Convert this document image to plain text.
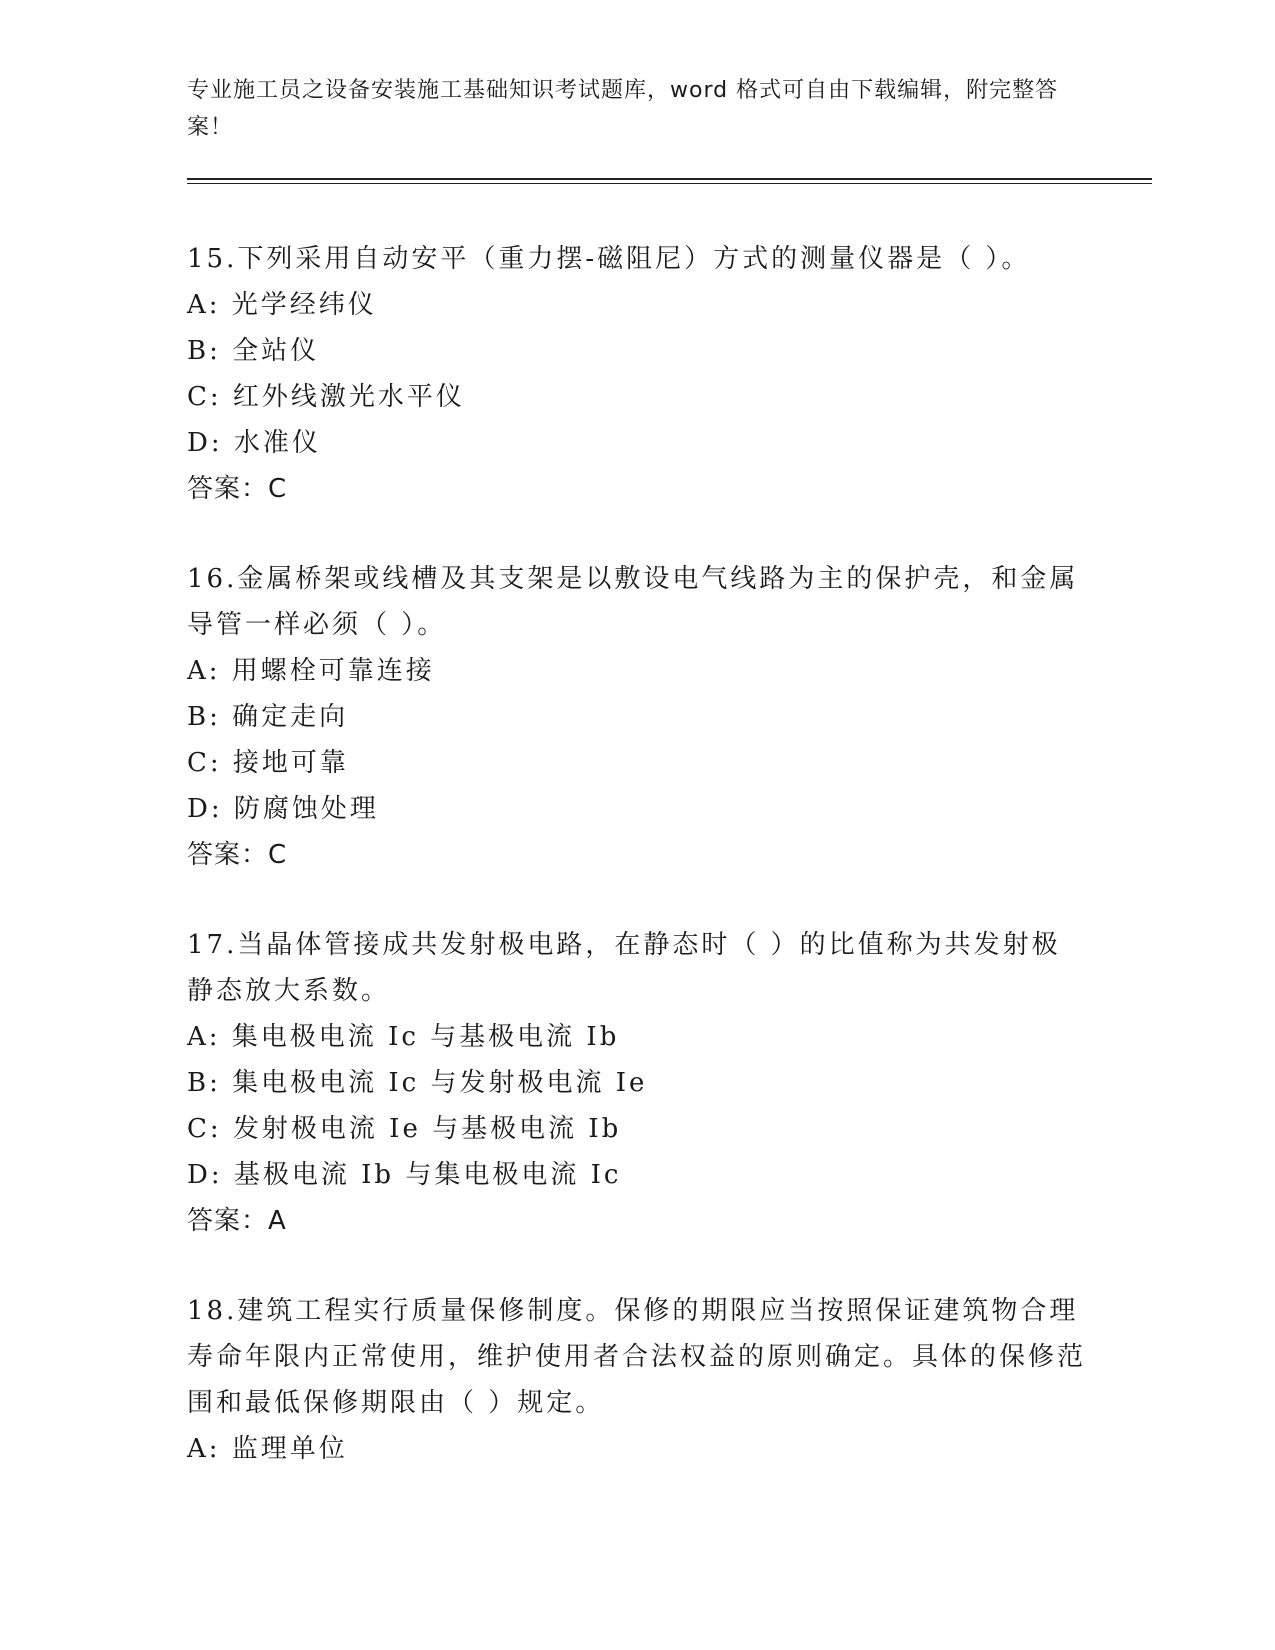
专业施工员之设备安装施工基础知识考试题库，word 格式可自由下载编辑，附完整答案！
15.下列采用自动安平（重力摆-磁阻尼）方式的测量仪器是（ ）。
A: 光学经纬仪
B: 全站仪
C: 红外线激光水平仪
D: 水准仪
答案：C
16.金属桥架或线槽及其支架是以敷设电气线路为主的保护壳，和金属导管一样必须（ ）。
A: 用螺栓可靠连接
B: 确定走向
C: 接地可靠
D: 防腐蚀处理
答案：C
17.当晶体管接成共发射极电路，在静态时（ ）的比值称为共发射极静态放大系数。
A: 集电极电流 Ic 与基极电流 Ib
B: 集电极电流 Ic 与发射极电流 Ie
C: 发射极电流 Ie 与基极电流 Ib
D: 基极电流 Ib 与集电极电流 Ic
答案：A
18.建筑工程实行质量保修制度。保修的期限应当按照保证建筑物合理寿命年限内正常使用，维护使用者合法权益的原则确定。具体的保修范围和最低保修期限由（ ）规定。
A: 监理单位
